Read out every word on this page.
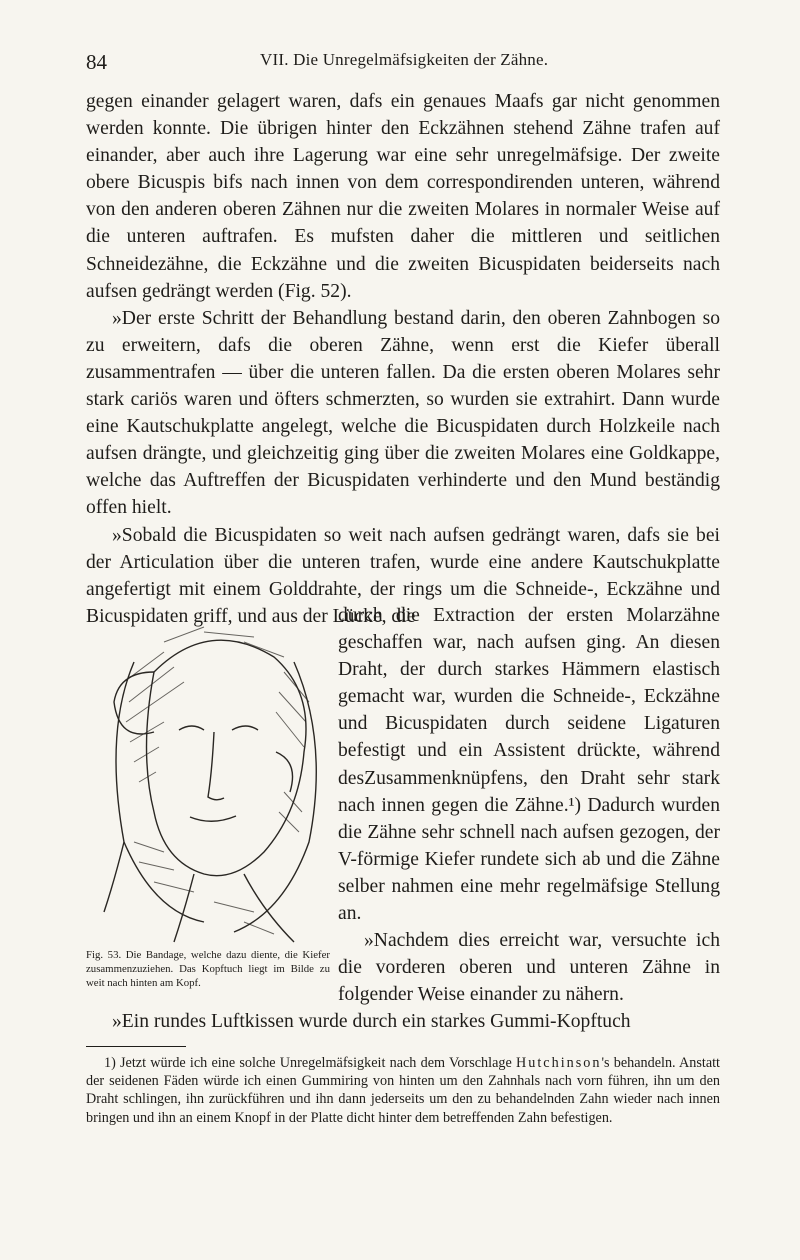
84	VII. Die Unregelmäfsigkeiten der Zähne.

gegen einander gelagert waren, dafs ein genaues Maafs gar nicht genommen werden konnte. Die übrigen hinter den Eckzähnen stehend Zähne trafen auf einander, aber auch ihre Lagerung war eine sehr unregelmäfsige. Der zweite obere Bicuspis bifs nach innen von dem correspondirenden unteren, während von den anderen oberen Zähnen nur die zweiten Molares in normaler Weise auf die unteren auftrafen. Es mufsten daher die mittleren und seitlichen Schneidezähne, die Eckzähne und die zweiten Bicuspidaten beiderseits nach aufsen gedrängt werden (Fig. 52).

»Der erste Schritt der Behandlung bestand darin, den oberen Zahnbogen so zu erweitern, dafs die oberen Zähne, wenn erst die Kiefer überall zusammentrafen — über die unteren fallen. Da die ersten oberen Molares sehr stark cariös waren und öfters schmerzten, so wurden sie extrahirt. Dann wurde eine Kautschukplatte angelegt, welche die Bicuspidaten durch Holzkeile nach aufsen drängte, und gleichzeitig ging über die zweiten Molares eine Goldkappe, welche das Auftreffen der Bicuspidaten verhinderte und den Mund beständig offen hielt.

»Sobald die Bicuspidaten so weit nach aufsen gedrängt waren, dafs sie bei der Articulation über die unteren trafen, wurde eine andere Kautschukplatte angefertigt mit einem Golddrahte, der rings um die Schneide-, Eckzähne und Bicuspidaten griff, und aus der Lücke, die

Fig. 53. Die Bandage, welche dazu diente, die Kiefer zusammenzuziehen. Das Kopftuch liegt im Bilde zu weit nach hinten am Kopf.

durch die Extraction der ersten Molarzähne geschaffen war, nach aufsen ging. An diesen Draht, der durch starkes Hämmern elastisch gemacht war, wurden die Schneide-, Eckzähne und Bicuspidaten durch seidene Ligaturen befestigt und ein Assistent drückte, während desZusammenknüpfens, den Draht sehr stark nach innen gegen die Zähne.¹) Dadurch wurden die Zähne sehr schnell nach aufsen gezogen, der V-förmige Kiefer rundete sich ab und die Zähne selber nahmen eine mehr regelmäfsige Stellung an.

»Nachdem dies erreicht war, versuchte ich die vorderen oberen und unteren Zähne in folgender Weise einander zu nähern.

»Ein rundes Luftkissen wurde durch ein starkes Gummi-Kopftuch

1) Jetzt würde ich eine solche Unregelmäfsigkeit nach dem Vorschlage Hutchinson's behandeln. Anstatt der seidenen Fäden würde ich einen Gummiring von hinten um den Zahnhals nach vorn führen, ihn um den Draht schlingen, ihn zurückführen und ihn dann jederseits um den zu behandelnden Zahn wieder nach innen bringen und ihn an einem Knopf in der Platte dicht hinter dem betreffenden Zahn befestigen.
